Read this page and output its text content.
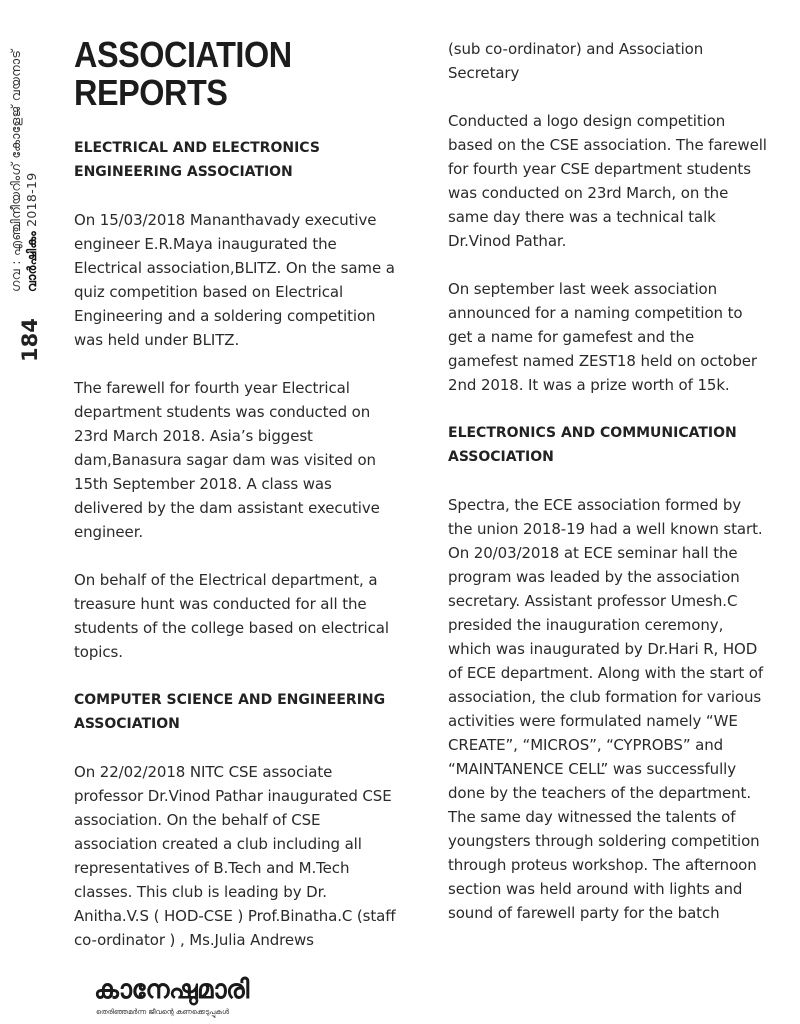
ഗവ : എഞ്ചിനീയറിംഗ് കോളേജ് വയനാട് വാർഷികം 2018-19
184
ASSOCIATION REPORTS
ELECTRICAL AND ELECTRONICS ENGINEERING ASSOCIATION

On 15/03/2018 Mananthavady executive engineer E.R.Maya inaugurated the Electrical association,BLITZ. On the same a quiz competition based on Electrical Engineering and a soldering competition was held under BLITZ.

The farewell for fourth year Electrical department students was conducted on 23rd March 2018. Asia’s biggest dam,Banasura sagar dam was visited on 15th September 2018. A class was delivered by the dam assistant executive engineer.

On behalf of the Electrical department, a treasure hunt was conducted for all the students of the college based on electrical topics.

COMPUTER SCIENCE AND ENGINEERING ASSOCIATION

On 22/02/2018 NITC CSE associate professor Dr.Vinod Pathar inaugurated CSE association. On the behalf of CSE association created a club including all representatives of B.Tech and M.Tech classes. This club is leading by Dr. Anitha.V.S ( HOD-CSE ) Prof.Binatha.C (staff co-ordinator ) , Ms.Julia Andrews

(sub co-ordinator) and Association Secretary

Conducted a logo design competition based on the CSE association. The farewell for fourth year CSE department students was conducted on 23rd March, on the same day there was a technical talk Dr.Vinod Pathar.

On september last week association announced for a naming competition to get a name for gamefest and the gamefest named ZEST18 held on october 2nd 2018. It was a prize worth of 15k.

ELECTRONICS AND COMMUNICATION ASSOCIATION

Spectra, the ECE association formed by the union 2018-19 had a well known start. On 20/03/2018 at ECE seminar hall the program was leaded by the association secretary. Assistant professor Umesh.C presided the inauguration ceremony, which was inaugurated by Dr.Hari R, HOD of ECE department. Along with the start of association, the club formation for various activities were formulated namely “WE CREATE”, “MICROS”, “CYPROBS” and “MAINTANENCE CELL” was successfully done by the teachers of the department. The same day witnessed the talents of youngsters through soldering competition through proteus workshop. The afternoon section was held around with lights and sound of farewell party for the batch

കാനേഷുമാരി
തെരിഞ്ഞമർന്ന ജീവന്റെ കണക്കെടുപ്പുകൾ
